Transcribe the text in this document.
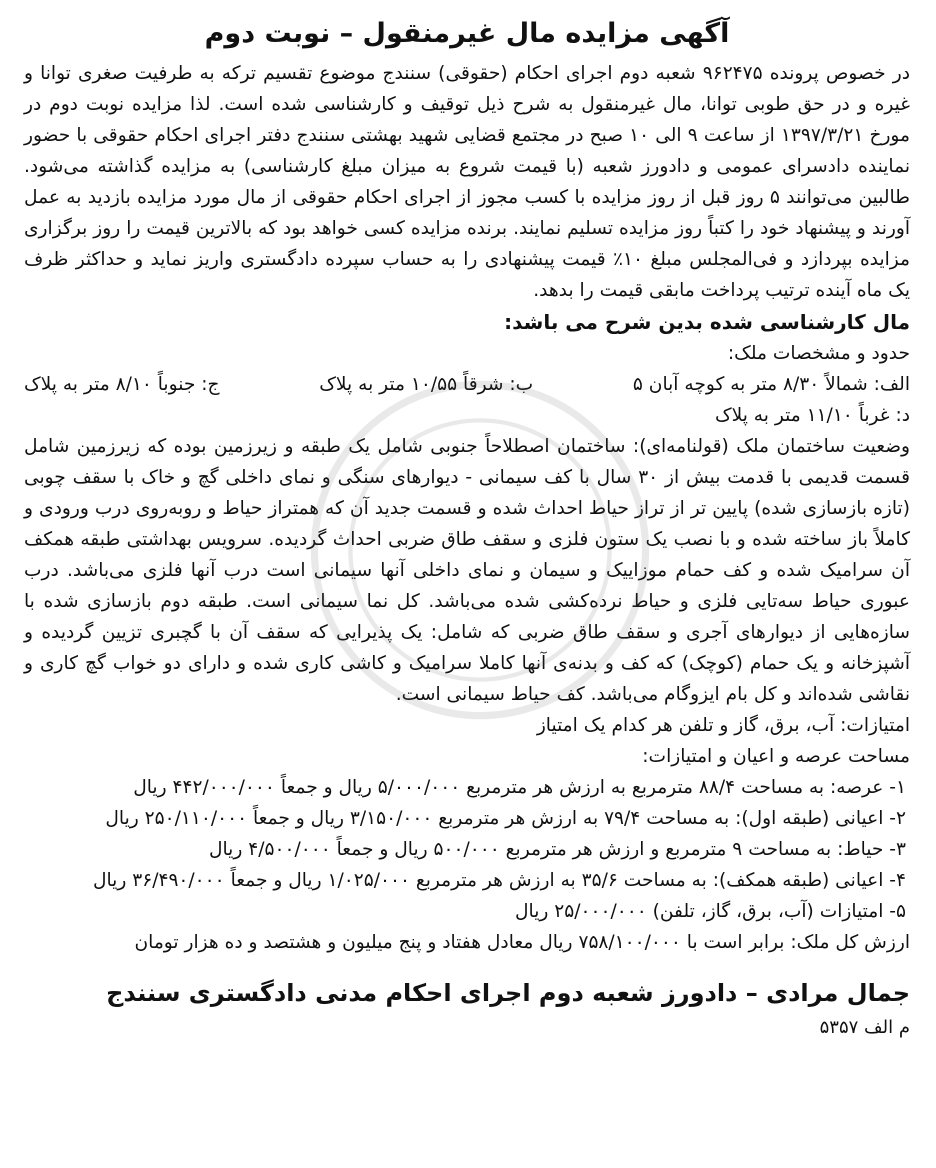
آگهی مزایده مال غیرمنقول – نوبت دوم

در خصوص پرونده ۹۶۲۴۷۵ شعبه دوم اجرای احکام (حقوقی) سنندج موضوع تقسیم ترکه به طرفیت صغری توانا و غیره و در حق طوبی توانا، مال غیرمنقول به شرح ذیل توقیف و کارشناسی شده است. لذا مزایده نوبت دوم در مورخ ۱۳۹۷/۳/۲۱ از ساعت ۹ الی ۱۰ صبح در مجتمع قضایی شهید بهشتی سنندج دفتر اجرای احکام حقوقی با حضور نماینده دادسرای عمومی و دادورز شعبه (با قیمت شروع به میزان مبلغ کارشناسی) به مزایده گذاشته می‌شود. طالبین می‌توانند ۵ روز قبل از روز مزایده با کسب مجوز از اجرای احکام حقوقی از مال مورد مزایده بازدید به عمل آورند و پیشنهاد خود را کتباً روز مزایده تسلیم نمایند. برنده مزایده کسی خواهد بود که بالاترین قیمت را روز برگزاری مزایده بپردازد و فی‌المجلس مبلغ ۱۰٪ قیمت پیشنهادی را به حساب سپرده دادگستری واریز نماید و حداکثر ظرف یک ماه آینده ترتیب پرداخت مابقی قیمت را بدهد.

مال کارشناسی شده بدین شرح می باشد:

حدود و مشخصات ملک:

الف: شمالاً ۸/۳۰ متر به کوچه آبان ۵
ب: شرقاً ۱۰/۵۵ متر به پلاک
ج: جنوباً ۸/۱۰ متر به پلاک

د: غرباً ۱۱/۱۰ متر به پلاک

وضعیت ساختمان ملک (قولنامه‌ای): ساختمان اصطلاحاً جنوبی شامل یک طبقه و زیرزمین بوده که زیرزمین شامل قسمت قدیمی با قدمت بیش از ۳۰ سال با کف سیمانی - دیوارهای سنگی و نمای داخلی گچ و خاک با سقف چوبی (تازه بازسازی شده) پایین تر از تراز حیاط احداث شده و قسمت جدید آن که همتراز حیاط و روبه‌روی درب ورودی و کاملاً باز ساخته شده و با نصب یک ستون فلزی و سقف طاق ضربی احداث گردیده. سرویس بهداشتی طبقه همکف آن سرامیک شده و کف حمام موزاییک و سیمان و نمای داخلی آنها سیمانی است درب آنها فلزی می‌باشد. درب عبوری حیاط سه‌تایی فلزی و حیاط نرده‌کشی شده می‌باشد. کل نما سیمانی است. طبقه دوم بازسازی شده با سازه‌هایی از دیوارهای آجری و سقف طاق ضربی که شامل: یک پذیرایی که سقف آن با گچبری تزیین گردیده و آشپزخانه و یک حمام (کوچک) که کف و بدنه‌ی آنها کاملا سرامیک و کاشی کاری شده و دارای دو خواب گچ کاری و نقاشی شده‌اند و کل بام ایزوگام می‌باشد. کف حیاط سیمانی است.

امتیازات: آب، برق، گاز و تلفن هر کدام یک امتیاز

مساحت عرصه و اعیان و امتیازات:

۱- عرصه: به مساحت ۸۸/۴ مترمربع به ارزش هر مترمربع ۵/۰۰۰/۰۰۰ ریال و جمعاً ۴۴۲/۰۰۰/۰۰۰ ریال

۲- اعیانی (طبقه اول): به مساحت ۷۹/۴ به ارزش هر مترمربع ۳/۱۵۰/۰۰۰ ریال و جمعاً ۲۵۰/۱۱۰/۰۰۰ ریال

۳- حیاط: به مساحت ۹ مترمربع و ارزش هر مترمربع ۵۰۰/۰۰۰ ریال و جمعاً ۴/۵۰۰/۰۰۰ ریال

۴- اعیانی (طبقه همکف): به مساحت ۳۵/۶ به ارزش هر مترمربع ۱/۰۲۵/۰۰۰ ریال و جمعاً ۳۶/۴۹۰/۰۰۰ ریال

۵- امتیازات (آب، برق، گاز، تلفن) ۲۵/۰۰۰/۰۰۰ ریال

ارزش کل ملک: برابر است با ۷۵۸/۱۰۰/۰۰۰ ریال معادل هفتاد و پنج میلیون و هشتصد و ده هزار تومان

جمال مرادی – دادورز شعبه دوم اجرای احکام مدنی دادگستری سنندج
م الف ۵۳۵۷
